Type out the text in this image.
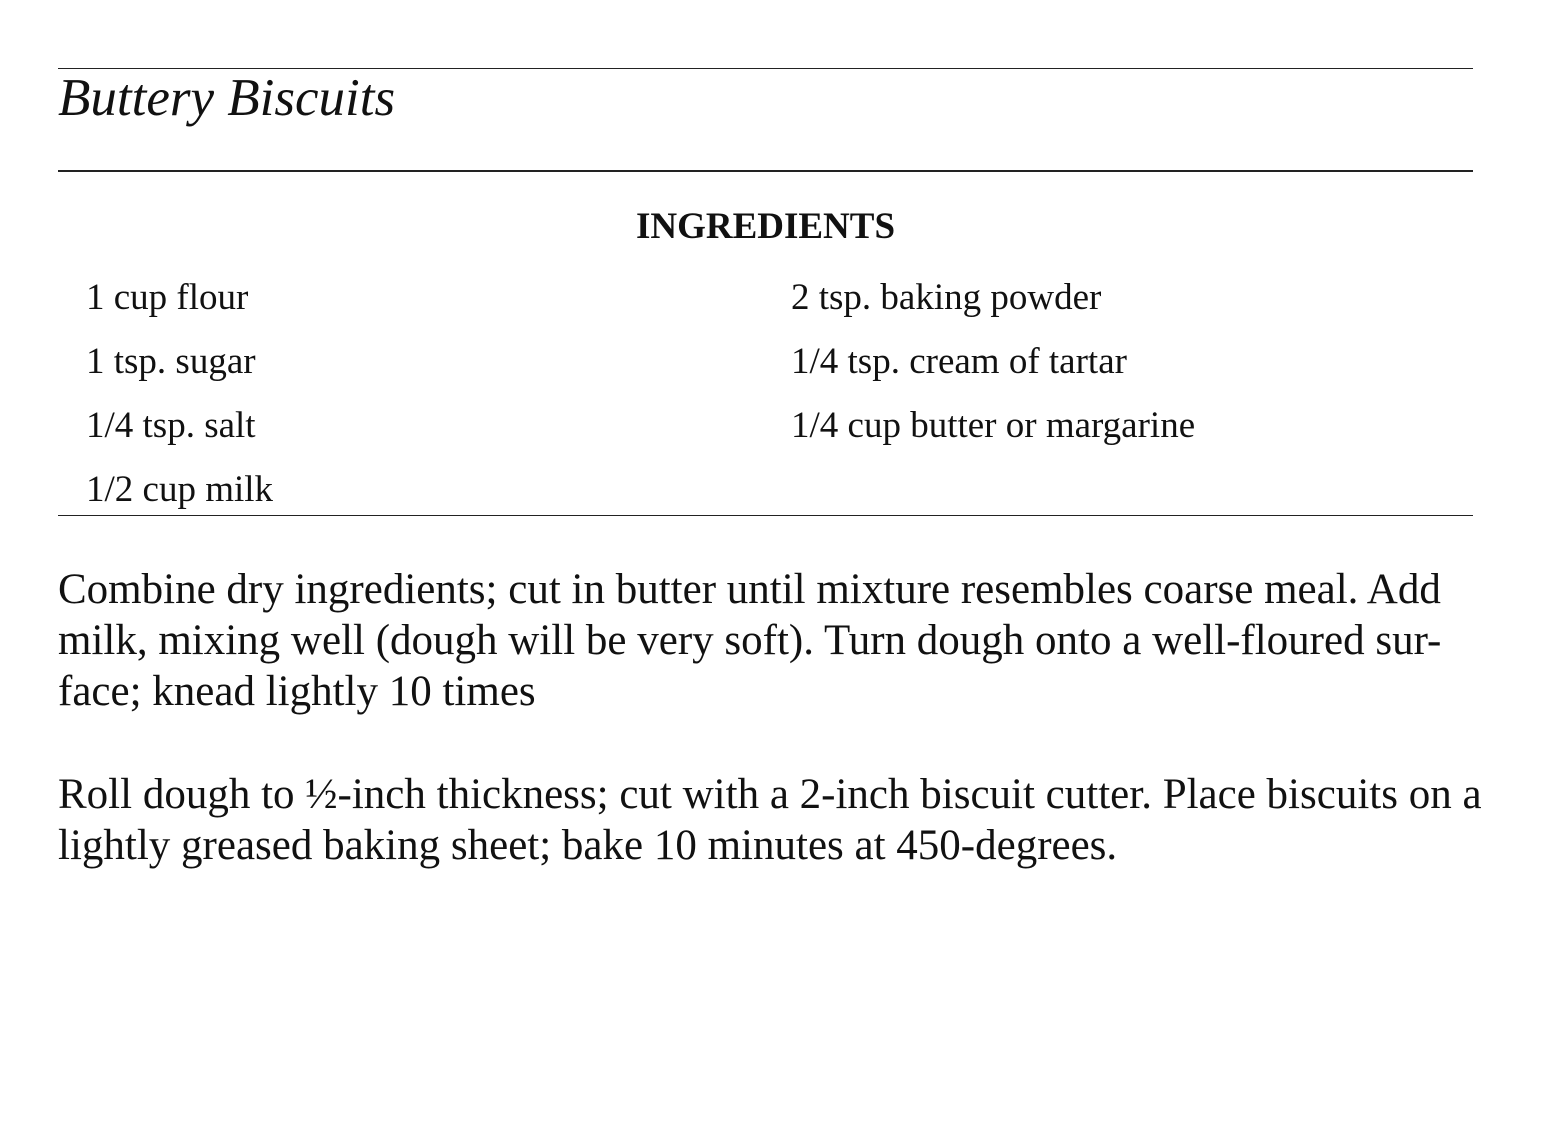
Buttery Biscuits
INGREDIENTS
1 cup flour
1 tsp. sugar
1/4 tsp. salt
1/2 cup milk
2 tsp. baking powder
1/4 tsp. cream of tartar
1/4 cup butter or margarine

Combine dry ingredients; cut in butter until mixture resembles coarse meal. Add
milk, mixing well (dough will be very soft). Turn dough onto a well-floured sur-
face; knead lightly 10 times

Roll dough to ½-inch thickness; cut with a 2-inch biscuit cutter. Place biscuits on a
lightly greased baking sheet; bake 10 minutes at 450-degrees.
